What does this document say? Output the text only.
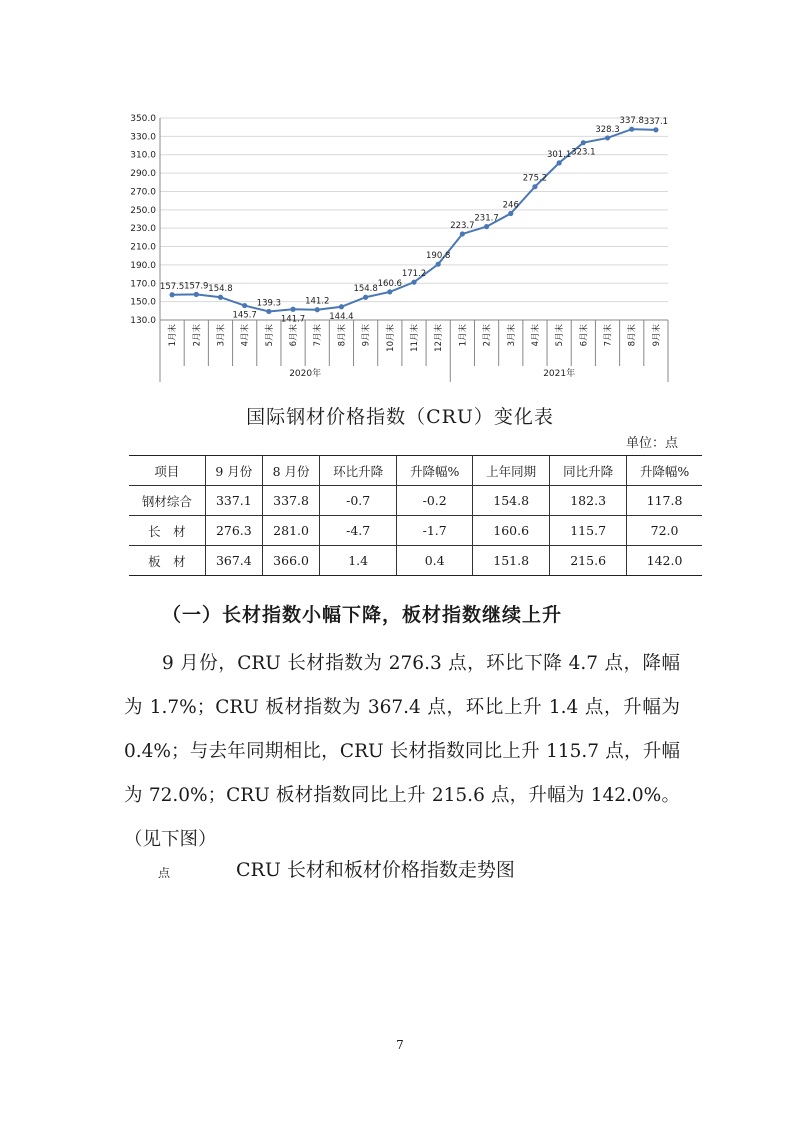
130.0
150.0
170.0
190.0
210.0
230.0
250.0
270.0
290.0
310.0
330.0
350.0
2020年	2021年
1月末 2月末 3月末 4月末 5月末 6月末 7月末 8月末 9月末 10月末 11月末 12月末 1月末 2月末 3月末 4月末 5月末 6月末 7月末 8月末 9月末
157.5 157.9 154.8
145.7
139.3
141.7
141.2
144.4
154.8
160.6
171.2
190.8
223.7
231.7
246
275.2
301.1 323.1
328.3
337.8 337.1
国际钢材价格指数（CRU）变化表
单位：点
项目	9 月份	8 月份	环比升降	升降幅%	上年同期	同比升降	升降幅%
钢材综合	337.1	337.8	-0.7	-0.2	154.8	182.3	117.8
长　材	276.3	281.0	-4.7	-1.7	160.6	115.7	72.0
板　材	367.4	366.0	1.4	0.4	151.8	215.6	142.0
（一）长材指数小幅下降，板材指数继续上升

9 月份，CRU 长材指数为 276.3 点，环比下降 4.7 点，降幅为 1.7%；CRU 板材指数为 367.4 点，环比上升 1.4 点，升幅为 0.4%；与去年同期相比，CRU 长材指数同比上升 115.7 点，升幅为 72.0%；CRU 板材指数同比上升 215.6 点，升幅为 142.0%。（见下图）

点	CRU 长材和板材价格指数走势图
7
